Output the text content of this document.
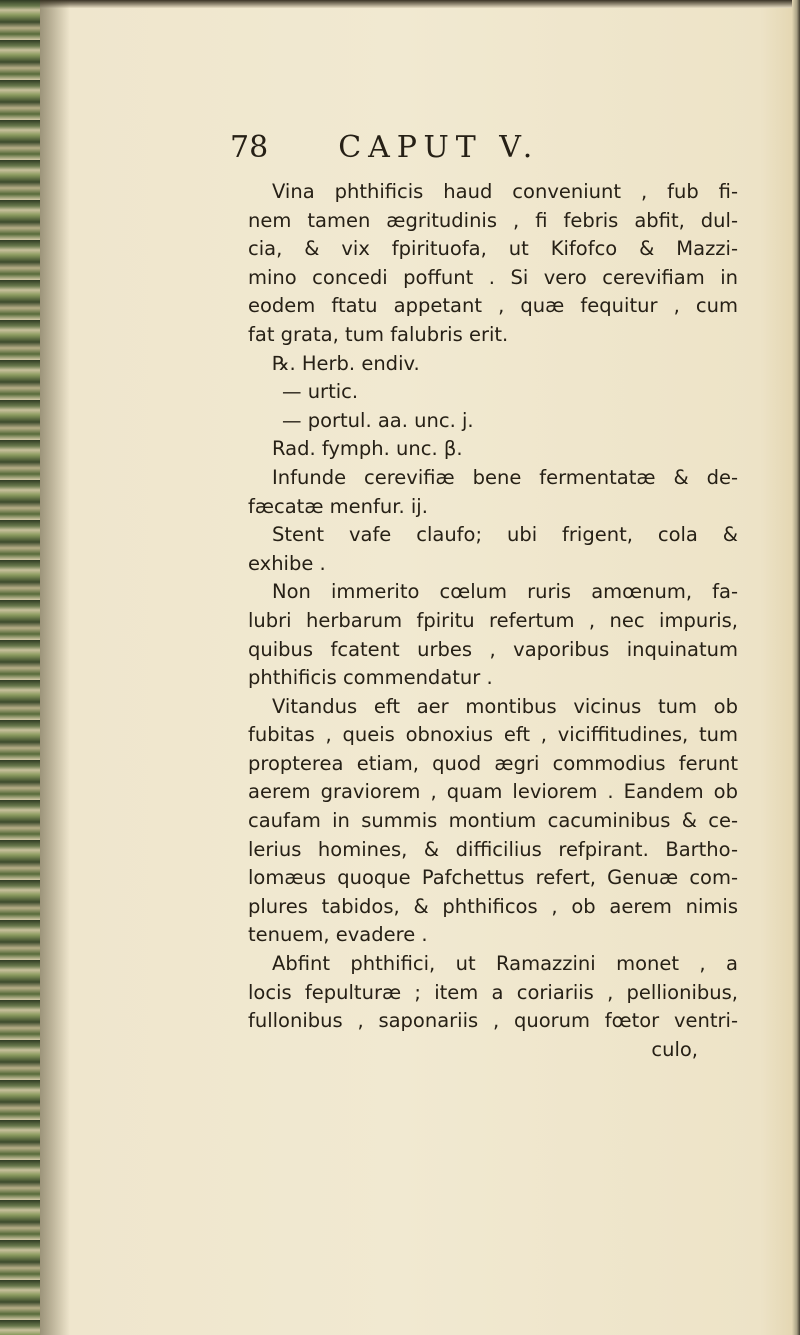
78 CAPUT V.
Vina phthificis haud conveniunt , fub fi-
nem tamen ægritudinis , fi febris abfit, dul-
cia, & vix fpirituofa, ut Kifofco & Mazzi-
mino concedi poffunt . Si vero cerevifiam in
eodem ftatu appetant , quæ fequitur , cum
fat grata, tum falubris erit.
℞. Herb. endiv.
— urtic.
— portul. aa. unc. j.
Rad. fymph. unc. β.
Infunde cerevifiæ bene fermentatæ & de-
fæcatæ menfur. ij.
Stent vafe claufo; ubi frigent, cola &
exhibe .
Non immerito cœlum ruris amœnum, fa-
lubri herbarum fpiritu refertum , nec impuris,
quibus fcatent urbes , vaporibus inquinatum
phthificis commendatur .
Vitandus eft aer montibus vicinus tum ob
fubitas , queis obnoxius eft , viciffitudines, tum
propterea etiam, quod ægri commodius ferunt
aerem graviorem , quam leviorem . Eandem ob
caufam in summis montium cacuminibus & ce-
lerius homines, & difficilius refpirant. Bartho-
lomæus quoque Pafchettus refert, Genuæ com-
plures tabidos, & phthificos , ob aerem nimis
tenuem, evadere .
Abfint phthifici, ut Ramazzini monet , a
locis fepulturæ ; item a coriariis , pellionibus,
fullonibus , saponariis , quorum fœtor ventri-
culo,
